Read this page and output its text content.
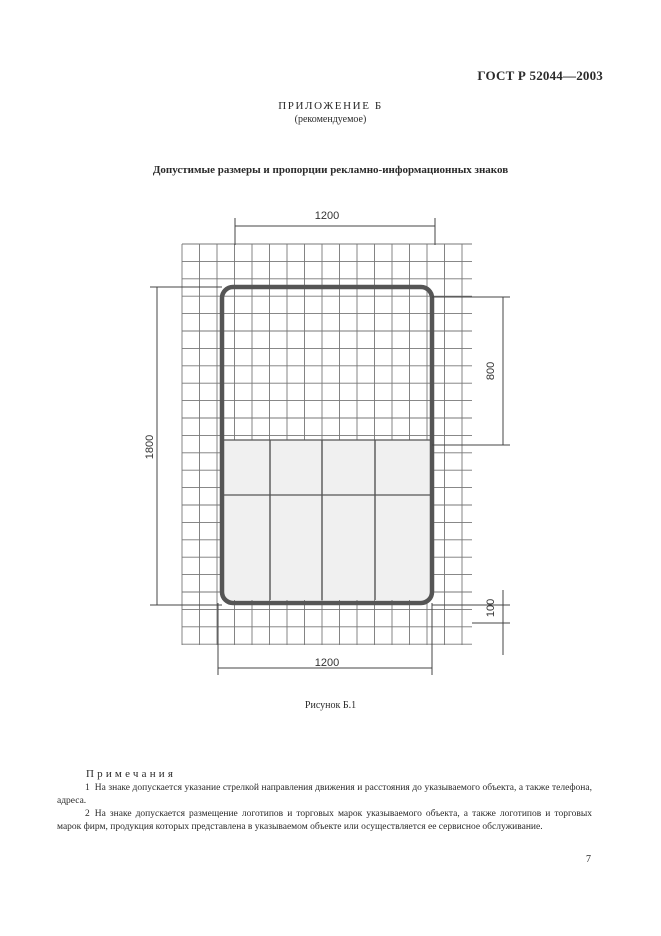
ГОСТ Р 52044—2003
ПРИЛОЖЕНИЕ Б
(рекомендуемое)
Допустимые размеры и пропорции рекламно-информационных знаков
1200
1200
1800
800
100
Рисунок Б.1
Примечания
1 На знаке допускается указание стрелкой направления движения и расстояния до указываемого объекта, а также телефона, адреса.
2 На знаке допускается размещение логотипов и торговых марок указываемого объекта, а также логотипов и торговых марок фирм, продукция которых представлена в указываемом объекте или осуществляется ее сервисное обслуживание.
7
